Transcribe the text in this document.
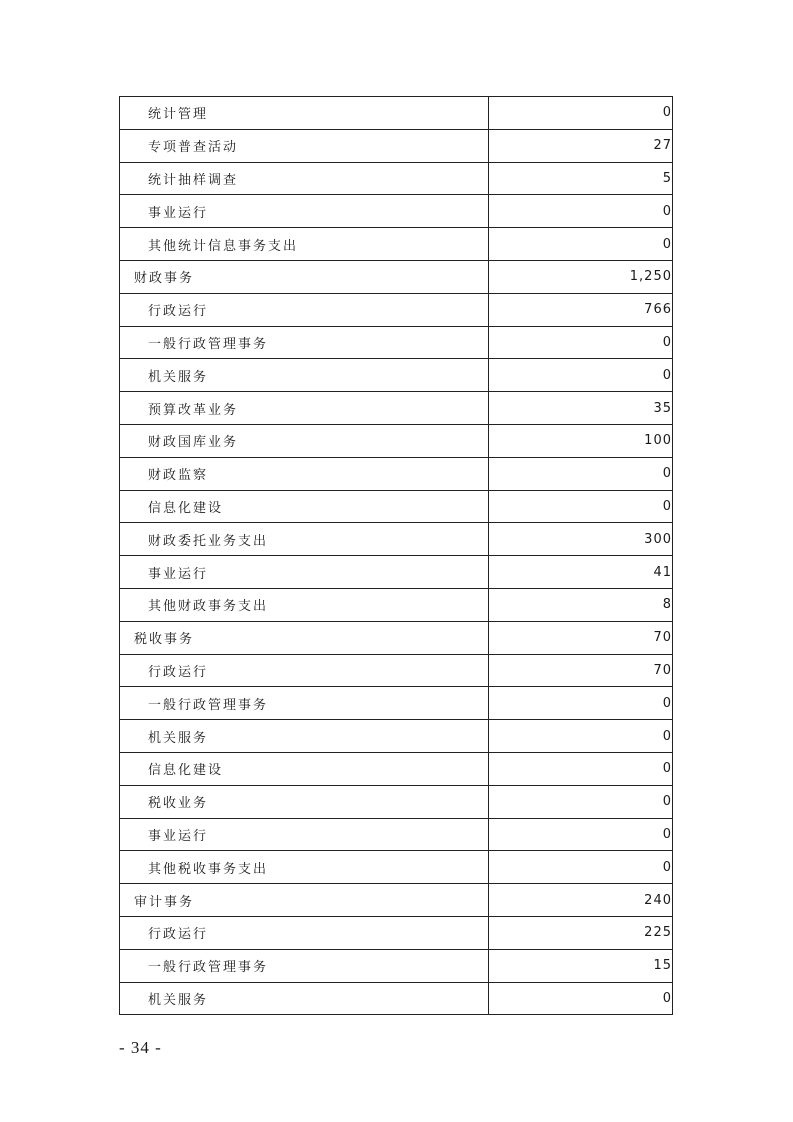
统计管理	0
专项普查活动	27
统计抽样调查	5
事业运行	0
其他统计信息事务支出	0
财政事务	1,250
行政运行	766
一般行政管理事务	0
机关服务	0
预算改革业务	35
财政国库业务	100
财政监察	0
信息化建设	0
财政委托业务支出	300
事业运行	41
其他财政事务支出	8
税收事务	70
行政运行	70
一般行政管理事务	0
机关服务	0
信息化建设	0
税收业务	0
事业运行	0
其他税收事务支出	0
审计事务	240
行政运行	225
一般行政管理事务	15
机关服务	0
- 34 -
